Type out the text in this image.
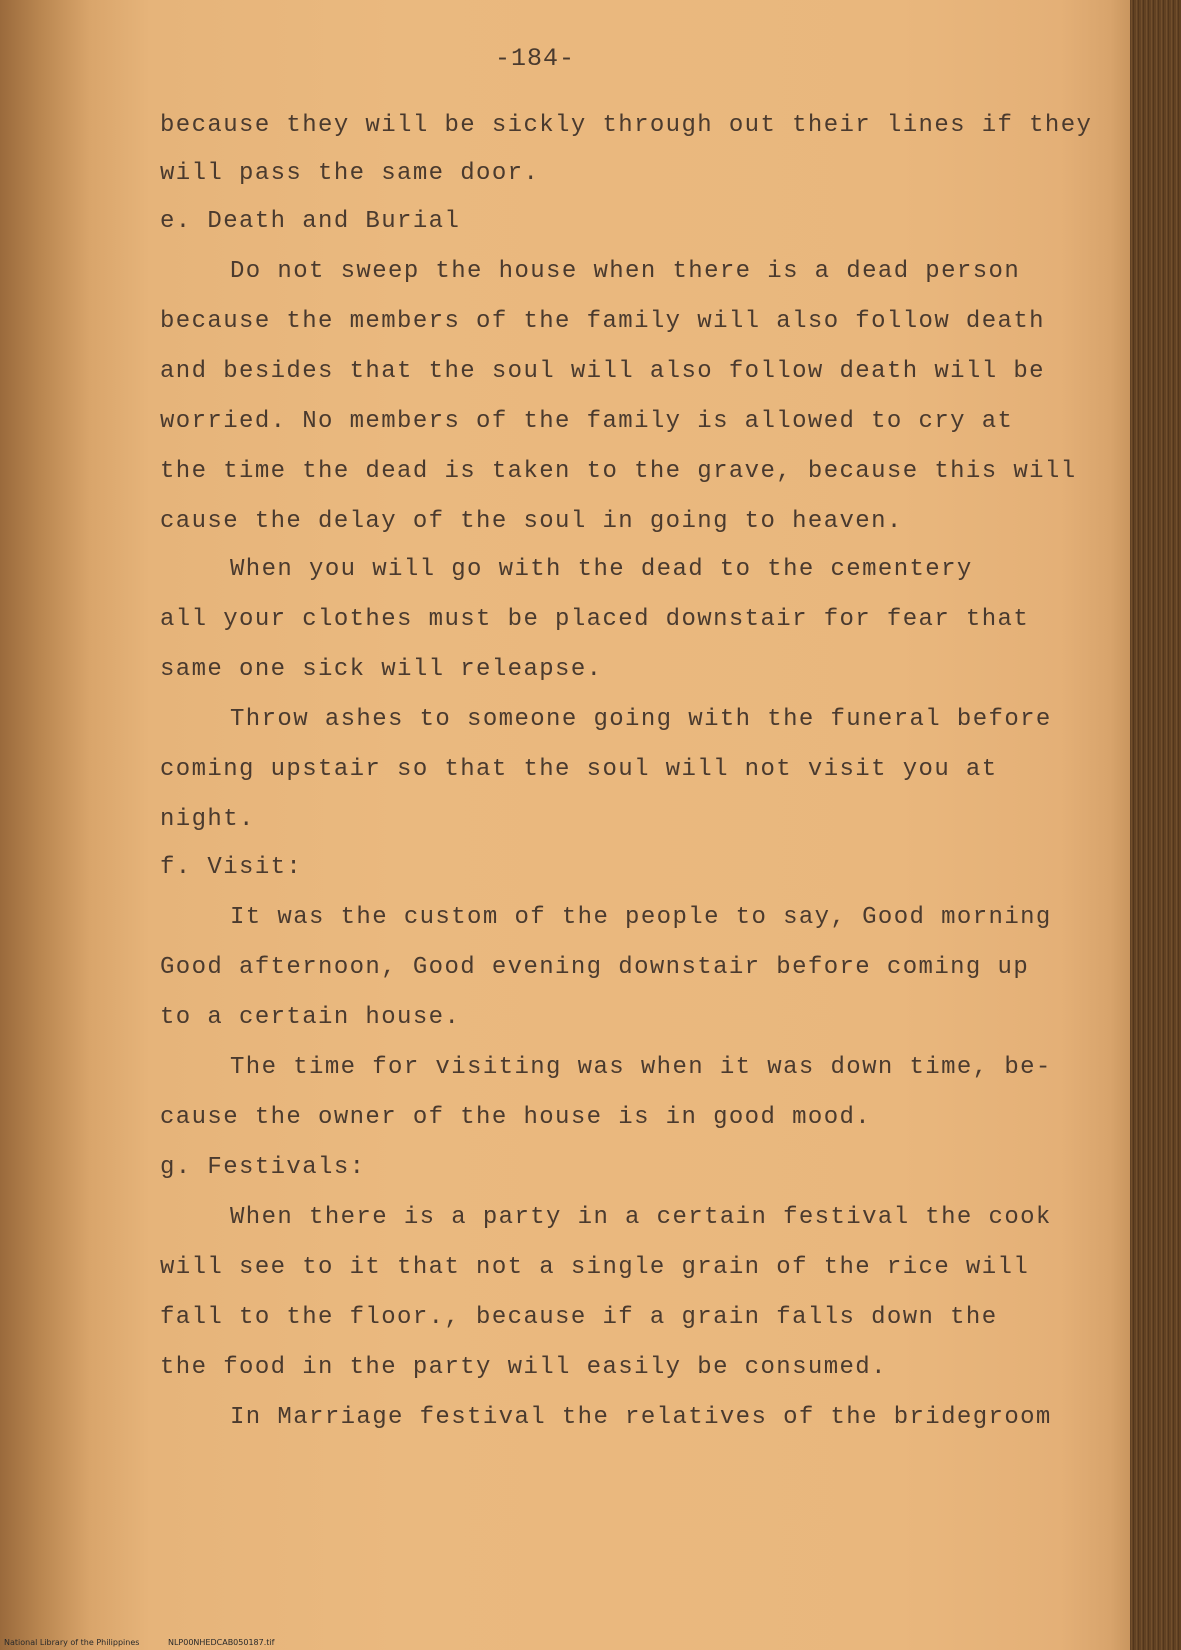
-184-
because they will be sickly through out their lines if they
will pass the same door.
e. Death and Burial
Do not sweep the house when there is a dead person
because the members of the family will also follow death
and besides that the soul will also follow death will be
worried. No members of the family is allowed to cry at
the time the dead is taken to the grave, because this will
cause the delay of the soul in going to heaven.
When you will go with the dead to the cementery
all your clothes must be placed downstair for fear that
same one sick will releapse.
Throw ashes to someone going with the funeral before
coming upstair so that the soul will not visit you at
night.
f. Visit:
It was the custom of the people to say, Good morning
Good afternoon, Good evening downstair before coming up
to a certain house.
The time for visiting was when it was down time, be-
cause the owner of the house is in good mood.
g. Festivals:
When there is a party in a certain festival the cook
will see to it that not a single grain of the rice will
fall to the floor., because if a grain falls down the
the food in the party will easily be consumed.
In Marriage festival the relatives of the bridegroom
National Library of the Philippines	NLP00NHEDCAB050187.tif
